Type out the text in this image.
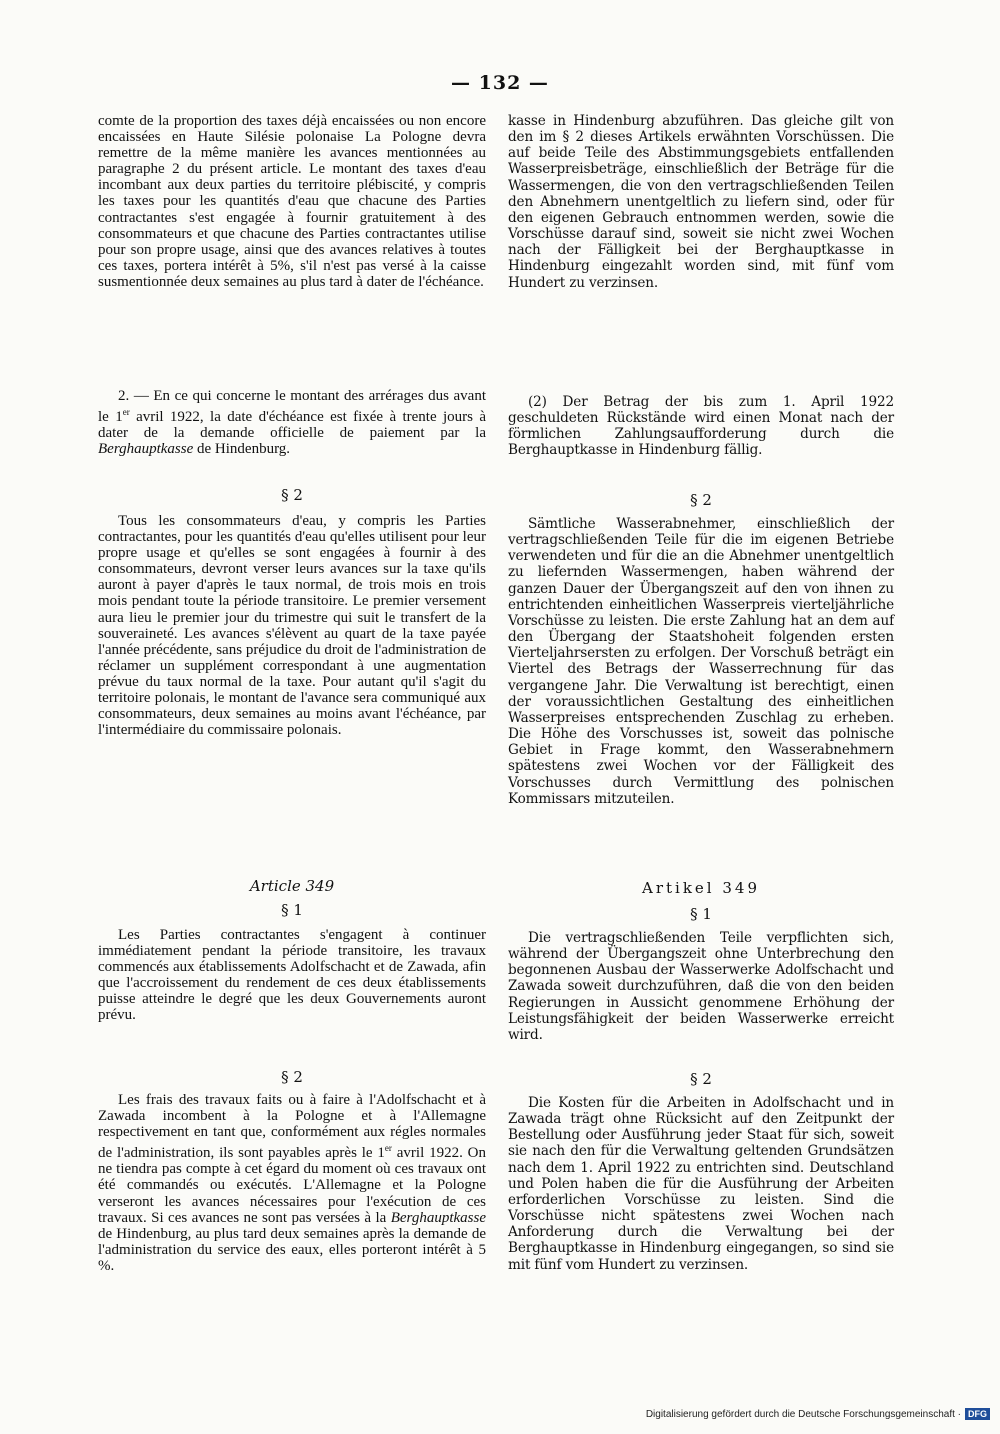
— 132 —

comte de la proportion des taxes déjà encaissées ou non encore encaissées en Haute Silésie polonaise La Pologne devra remettre de la même manière les avances mentionnées au paragraphe 2 du présent article. Le montant des taxes d'eau incombant aux deux parties du territoire plébiscité, y compris les taxes pour les quantités d'eau que chacune des Parties contractantes s'est engagée à fournir gratuitement à des consommateurs et que chacune des Parties contractantes utilise pour son propre usage, ainsi que des avances relatives à toutes ces taxes, portera intérêt à 5%, s'il n'est pas versé à la caisse susmentionnée deux semaines au plus tard à dater de l'échéance.

2. — En ce qui concerne le montant des arrérages dus avant le 1er avril 1922, la date d'échéance est fixée à trente jours à dater de la demande officielle de paiement par la Berghauptkasse de Hindenburg.

§ 2

Tous les consommateurs d'eau, y compris les Parties contractantes, pour les quantités d'eau qu'elles utilisent pour leur propre usage et qu'elles se sont engagées à fournir à des consommateurs, devront verser leurs avances sur la taxe qu'ils auront à payer d'après le taux normal, de trois mois en trois mois pendant toute la période transitoire. Le premier versement aura lieu le premier jour du trimestre qui suit le transfert de la souveraineté. Les avances s'élèvent au quart de la taxe payée l'année précédente, sans préjudice du droit de l'administration de réclamer un supplément correspondant à une augmentation prévue du taux normal de la taxe. Pour autant qu'il s'agit du territoire polonais, le montant de l'avance sera communiqué aux consommateurs, deux semaines au moins avant l'échéance, par l'intermédiaire du commissaire polonais.

Article 349

§ 1

Les Parties contractantes s'engagent à continuer immédiatement pendant la période transitoire, les travaux commencés aux établissements Adolfschacht et de Zawada, afin que l'accroissement du rendement de ces deux établissements puisse atteindre le degré que les deux Gouvernements auront prévu.

§ 2

Les frais des travaux faits ou à faire à l'Adolfschacht et à Zawada incombent à la Pologne et à l'Allemagne respectivement en tant que, conformément aux régles normales de l'administration, ils sont payables après le 1er avril 1922. On ne tiendra pas compte à cet égard du moment où ces travaux ont été commandés ou exécutés. L'Allemagne et la Pologne verseront les avances nécessaires pour l'exécution de ces travaux. Si ces avances ne sont pas versées à la Berghauptkasse de Hindenburg, au plus tard deux semaines après la demande de l'administration du service des eaux, elles porteront intérêt à 5 %.

kasse in Hindenburg abzuführen. Das gleiche gilt von den im § 2 dieses Artikels erwähnten Vorschüssen. Die auf beide Teile des Abstimmungsgebiets entfallenden Wasserpreisbeträge, einschließlich der Beträge für die Wassermengen, die von den vertragschließenden Teilen den Abnehmern unentgeltlich zu liefern sind, oder für den eigenen Gebrauch entnommen werden, sowie die Vorschüsse darauf sind, soweit sie nicht zwei Wochen nach der Fälligkeit bei der Berghauptkasse in Hindenburg eingezahlt worden sind, mit fünf vom Hundert zu verzinsen.

(2) Der Betrag der bis zum 1. April 1922 geschuldeten Rückstände wird einen Monat nach der förmlichen Zahlungsaufforderung durch die Berghauptkasse in Hindenburg fällig.

§ 2

Sämtliche Wasserabnehmer, einschließlich der vertragschließenden Teile für die im eigenen Betriebe verwendeten und für die an die Abnehmer unentgeltlich zu liefernden Wassermengen, haben während der ganzen Dauer der Übergangszeit auf den von ihnen zu entrichtenden einheitlichen Wasserpreis vierteljährliche Vorschüsse zu leisten. Die erste Zahlung hat an dem auf den Übergang der Staatshoheit folgenden ersten Vierteljahrsersten zu erfolgen. Der Vorschuß beträgt ein Viertel des Betrags der Wasserrechnung für das vergangene Jahr. Die Verwaltung ist berechtigt, einen der voraussichtlichen Gestaltung des einheitlichen Wasserpreises entsprechenden Zuschlag zu erheben. Die Höhe des Vorschusses ist, soweit das polnische Gebiet in Frage kommt, den Wasserabnehmern spätestens zwei Wochen vor der Fälligkeit des Vorschusses durch Vermittlung des polnischen Kommissars mitzuteilen.

Artikel 349

§ 1

Die vertragschließenden Teile verpflichten sich, während der Übergangszeit ohne Unterbrechung den begonnenen Ausbau der Wasserwerke Adolfschacht und Zawada soweit durchzuführen, daß die von den beiden Regierungen in Aussicht genommene Erhöhung der Leistungsfähigkeit der beiden Wasserwerke erreicht wird.

§ 2

Die Kosten für die Arbeiten in Adolfschacht und in Zawada trägt ohne Rücksicht auf den Zeitpunkt der Bestellung oder Ausführung jeder Staat für sich, soweit sie nach den für die Verwaltung geltenden Grundsätzen nach dem 1. April 1922 zu entrichten sind. Deutschland und Polen haben die für die Ausführung der Arbeiten erforderlichen Vorschüsse zu leisten. Sind die Vorschüsse nicht spätestens zwei Wochen nach Anforderung durch die Verwaltung bei der Berghauptkasse in Hindenburg eingegangen, so sind sie mit fünf vom Hundert zu verzinsen.

Digitalisierung gefördert durch die Deutsche Forschungsgemeinschaft · DFG
